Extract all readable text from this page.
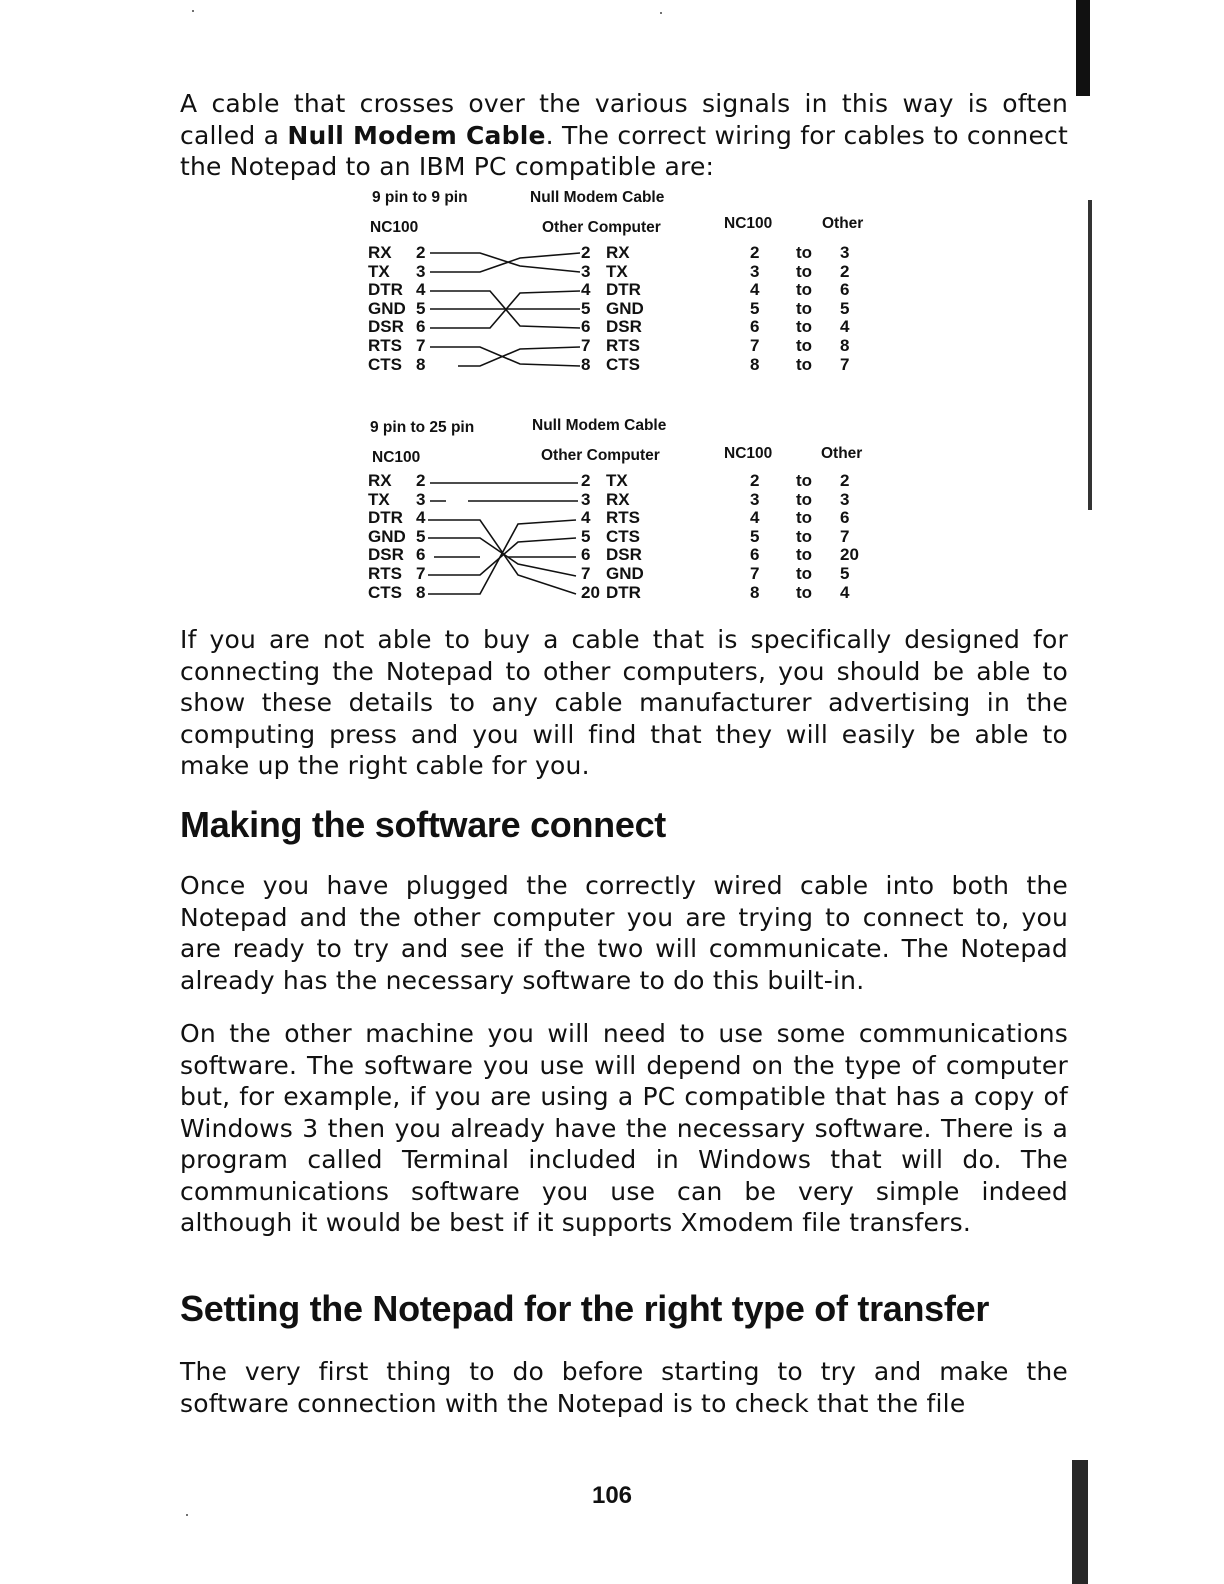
A cable that crosses over the various signals in this way is often called a Null Modem Cable. The correct wiring for cables to connect the Notepad to an IBM PC compatible are:

9 pin to 9 pin	Null Modem Cable
NC100	Other Computer	NC100	Other
RX 2	2 RX	2 to 3
TX 3	3 TX	3 to 2
DTR 4	4 DTR	4 to 6
GND 5	5 GND	5 to 5
DSR 6	6 DSR	6 to 4
RTS 7	7 RTS	7 to 8
CTS 8	8 CTS	8 to 7
9 pin to 25 pin	Null Modem Cable
NC100	Other Computer	NC100	Other
RX 2	2 TX	2 to 2
TX 3	3 RX	3 to 3
DTR 4	4 RTS	4 to 6
GND 5	5 CTS	5 to 7
DSR 6	6 DSR	6 to 20
RTS 7	7 GND	7 to 5
CTS 8	20 DTR	8 to 4

If you are not able to buy a cable that is specifically designed for connecting the Notepad to other computers, you should be able to show these details to any cable manufacturer advertising in the computing press and you will find that they will easily be able to make up the right cable for you.

Making the software connect

Once you have plugged the correctly wired cable into both the Notepad and the other computer you are trying to connect to, you are ready to try and see if the two will communicate. The Notepad already has the necessary software to do this built-in.

On the other machine you will need to use some communications software. The software you use will depend on the type of computer but, for example, if you are using a PC compatible that has a copy of Windows 3 then you already have the necessary software. There is a program called Terminal included in Windows that will do. The communications software you use can be very simple indeed although it would be best if it supports Xmodem file transfers.

Setting the Notepad for the right type of transfer

The very first thing to do before starting to try and make the software connection with the Notepad is to check that the file

106
